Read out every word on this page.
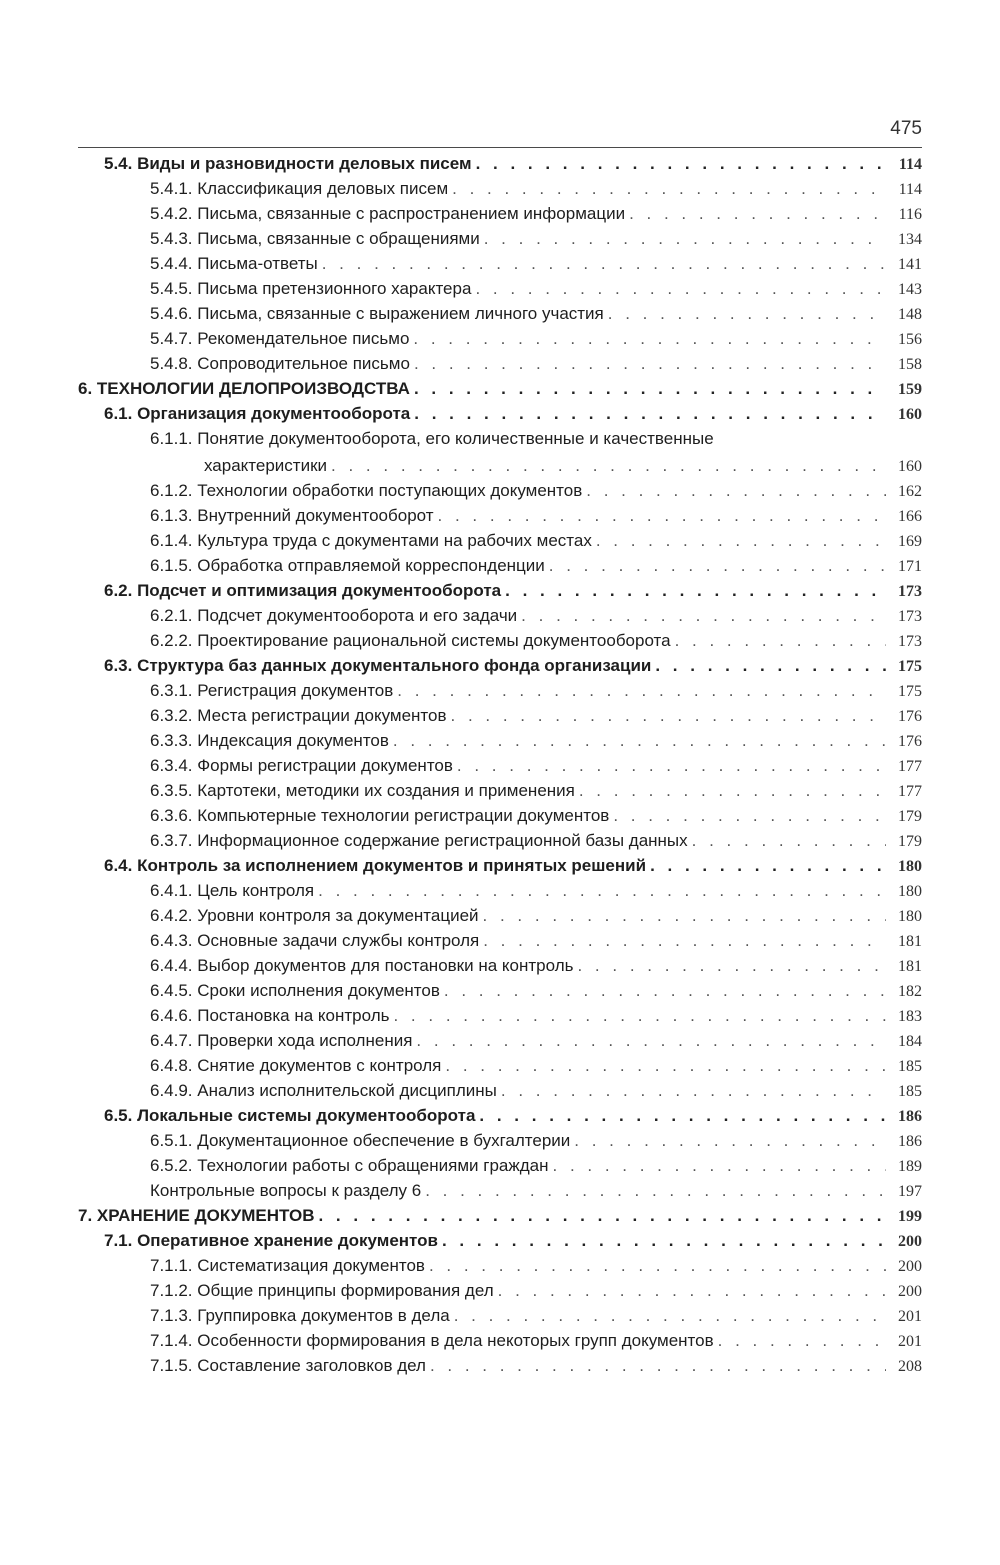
475
5.4. Виды и разновидности деловых писем . . .	114
5.4.1. Классификация деловых писем . . .	114
5.4.2. Письма, связанные с распространением информации . . .	116
5.4.3. Письма, связанные с обращениями . . .	134
5.4.4. Письма-ответы . . .	141
5.4.5. Письма претензионного характера . . .	143
5.4.6. Письма, связанные с выражением личного участия . . .	148
5.4.7. Рекомендательное письмо . . .	156
5.4.8. Сопроводительное письмо . . .	158
6. ТЕХНОЛОГИИ ДЕЛОПРОИЗВОДСТВА . . .	159
6.1. Организация документооборота . . .	160
6.1.1. Понятие документооборота, его количественные и качественные
характеристики . . .	160
6.1.2. Технологии обработки поступающих документов . . .	162
6.1.3. Внутренний документооборот . . .	166
6.1.4. Культура труда с документами на рабочих местах . . .	169
6.1.5. Обработка отправляемой корреспонденции . . .	171
6.2. Подсчет и оптимизация документооборота . . .	173
6.2.1. Подсчет документооборота и его задачи . . .	173
6.2.2. Проектирование рациональной системы документооборота . . .	173
6.3. Структура баз данных документального фонда организации . . .	175
6.3.1. Регистрация документов . . .	175
6.3.2. Места регистрации документов . . .	176
6.3.3. Индексация документов . . .	176
6.3.4. Формы регистрации документов . . .	177
6.3.5. Картотеки, методики их создания и применения . . .	177
6.3.6. Компьютерные технологии регистрации документов . . .	179
6.3.7. Информационное содержание регистрационной базы данных . . .	179
6.4. Контроль за исполнением документов и принятых решений . . .	180
6.4.1. Цель контроля . . .	180
6.4.2. Уровни контроля за документацией . . .	180
6.4.3. Основные задачи службы контроля . . .	181
6.4.4. Выбор документов для постановки на контроль . . .	181
6.4.5. Сроки исполнения документов . . .	182
6.4.6. Постановка на контроль . . .	183
6.4.7. Проверки хода исполнения . . .	184
6.4.8. Снятие документов с контроля . . .	185
6.4.9. Анализ исполнительской дисциплины . . .	185
6.5. Локальные системы документооборота . . .	186
6.5.1. Документационное обеспечение в бухгалтерии . . .	186
6.5.2. Технологии работы с обращениями граждан . . .	189
Контрольные вопросы к разделу 6 . . .	197
7. ХРАНЕНИЕ ДОКУМЕНТОВ . . .	199
7.1. Оперативное хранение документов . . .	200
7.1.1. Систематизация документов . . .	200
7.1.2. Общие принципы формирования дел . . .	200
7.1.3. Группировка документов в дела . . .	201
7.1.4. Особенности формирования в дела некоторых групп документов . . .	201
7.1.5. Составление заголовков дел . . .	208
